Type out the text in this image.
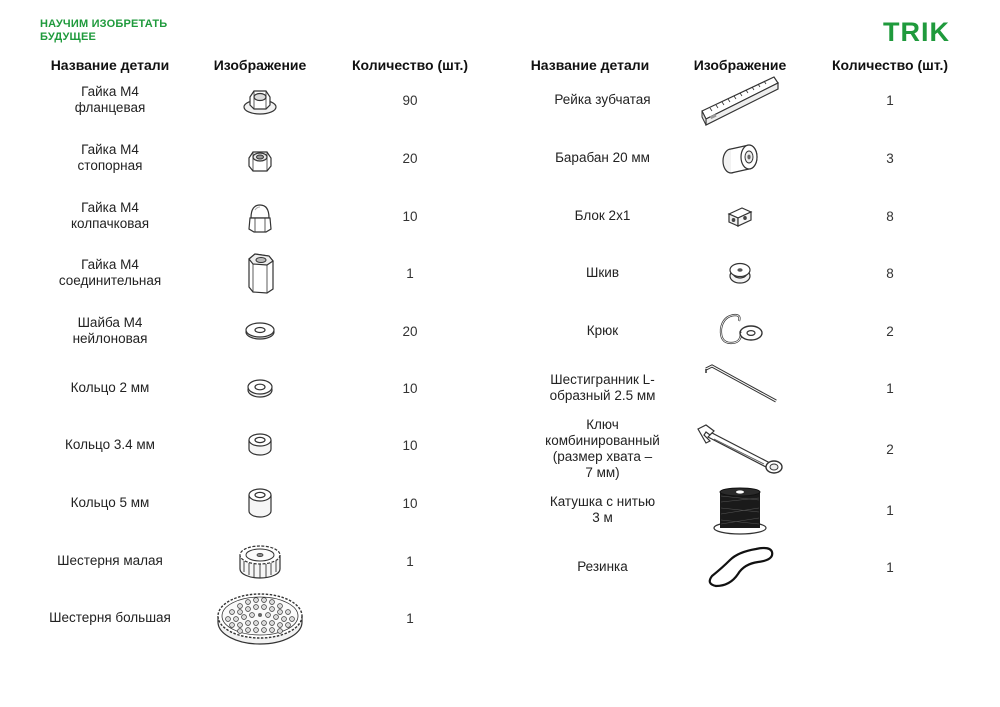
НАУЧИМ ИЗОБРЕТАТЬ
БУДУЩЕЕ	TRIK
Название детали	Изображение	Количество (шт.)	Название детали	Изображение	Количество (шт.)
Гайка М4
фланцевая	90
Гайка М4
стопорная	20
Гайка М4
колпачковая	10
Гайка М4
соединительная	1
Шайба М4
нейлоновая	20
Кольцо 2 мм	10
Кольцо 3.4 мм	10
Кольцо 5 мм	10
Шестерня малая	1
Шестерня большая	1
Рейка зубчатая	1
Барабан 20 мм	3
Блок 2х1	8
Шкив	8
Крюк	2
Шестигранник L-
образный 2.5 мм	1
Ключ
комбинированный
(размер хвата –
7 мм)
2
Катушка с нитью
3 м	1
Резинка	1
